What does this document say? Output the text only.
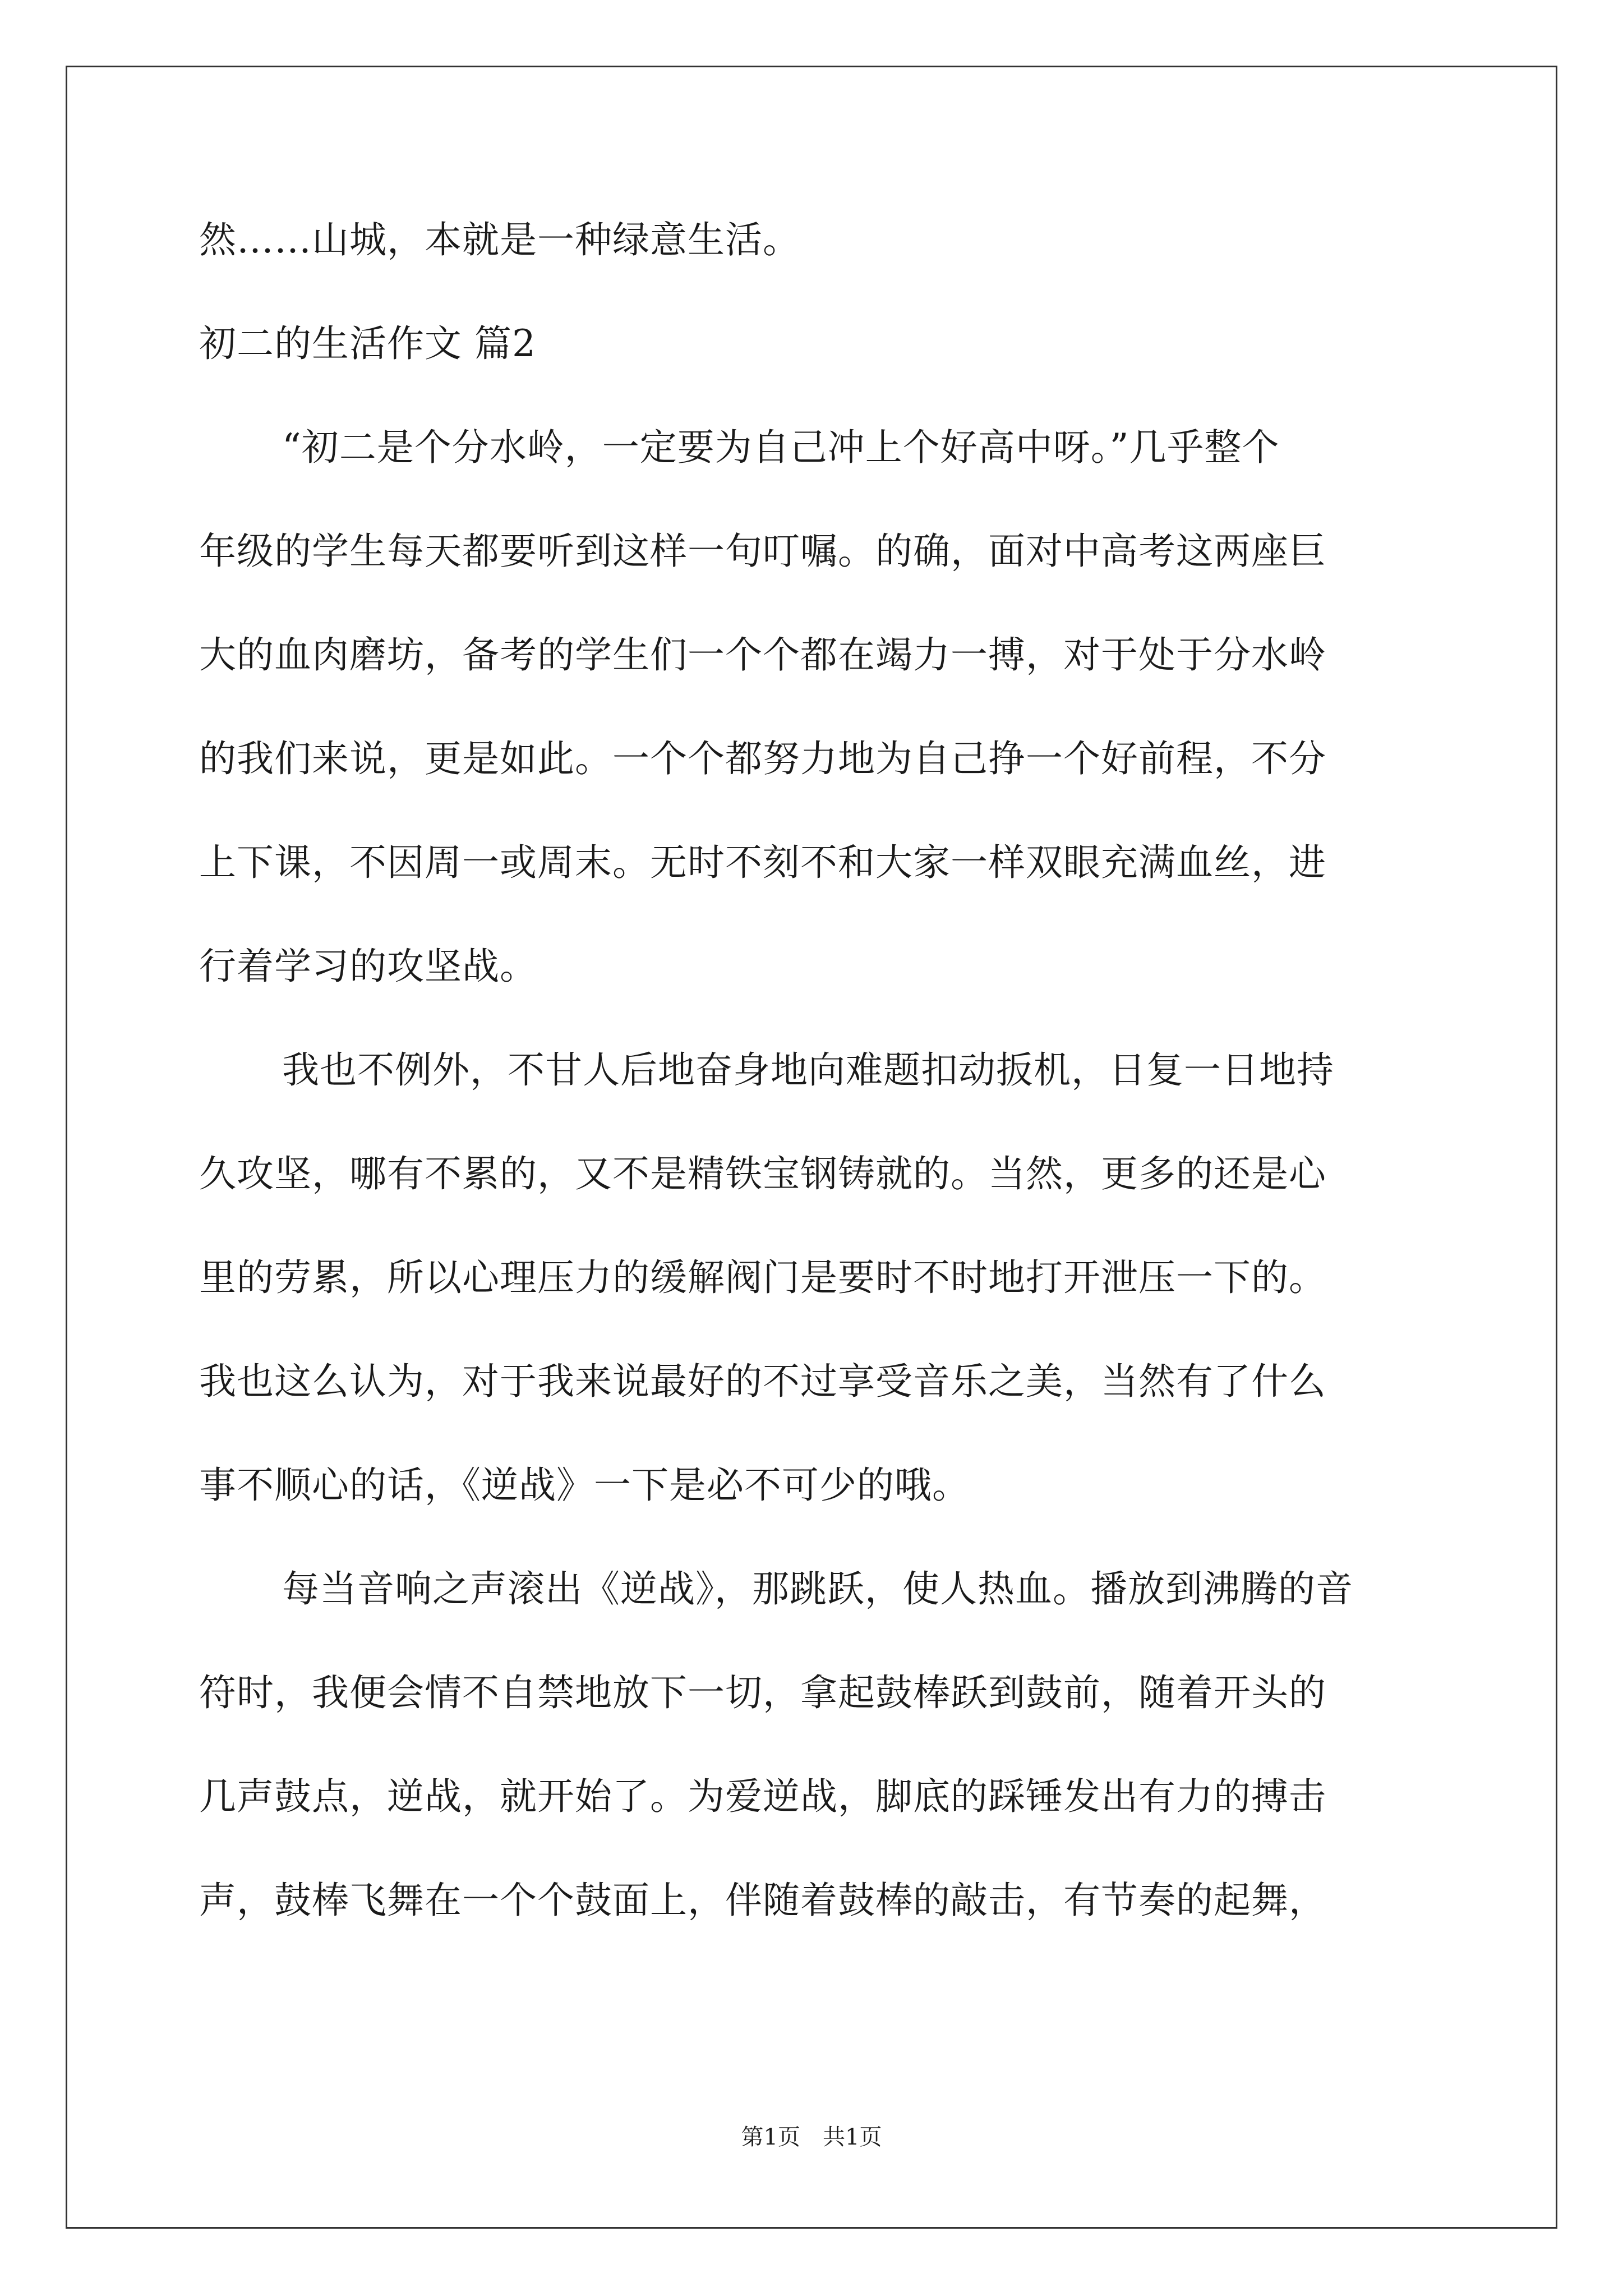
然……山城，本就是一种绿意生活。
初二的生活作文 篇2
“初二是个分水岭，一定要为自己冲上个好高中呀。”几乎整个
年级的学生每天都要听到这样一句叮嘱。的确，面对中高考这两座巨
大的血肉磨坊，备考的学生们一个个都在竭力一搏，对于处于分水岭
的我们来说，更是如此。一个个都努力地为自己挣一个好前程，不分
上下课，不因周一或周末。无时不刻不和大家一样双眼充满血丝，进
行着学习的攻坚战。
我也不例外，不甘人后地奋身地向难题扣动扳机，日复一日地持
久攻坚，哪有不累的，又不是精铁宝钢铸就的。当然，更多的还是心
里的劳累，所以心理压力的缓解阀门是要时不时地打开泄压一下的。
我也这么认为，对于我来说最好的不过享受音乐之美，当然有了什么
事不顺心的话，《逆战》一下是必不可少的哦。
每当音响之声滚出《逆战》，那跳跃，使人热血。播放到沸腾的音
符时，我便会情不自禁地放下一切，拿起鼓棒跃到鼓前，随着开头的
几声鼓点，逆战，就开始了。为爱逆战，脚底的踩锤发出有力的搏击
声，鼓棒飞舞在一个个鼓面上，伴随着鼓棒的敲击，有节奏的起舞，
第1页 共1页
